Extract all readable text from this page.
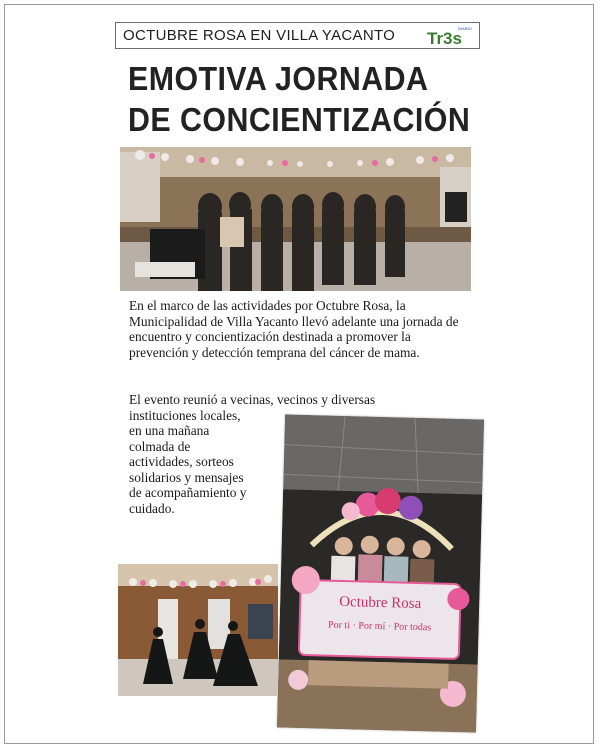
OCTUBRE ROSA EN VILLA YACANTO	DIARIO
Tr3s
EMOTIVA JORNADA
DE CONCIENTIZACIÓN
En el marco de las actividades por Octubre Rosa, la Municipalidad de Villa Yacanto llevó adelante una jornada de encuentro y concientización destinada a promover la prevención y detección temprana del cáncer de mama.
El evento reunió a vecinas, vecinos y diversas
instituciones locales,
en una mañana
colmada de
actividades, sorteos
solidarios y mensajes
de acompañamiento y
cuidado.
Octubre Rosa
Por ti · Por mí · Por todas
